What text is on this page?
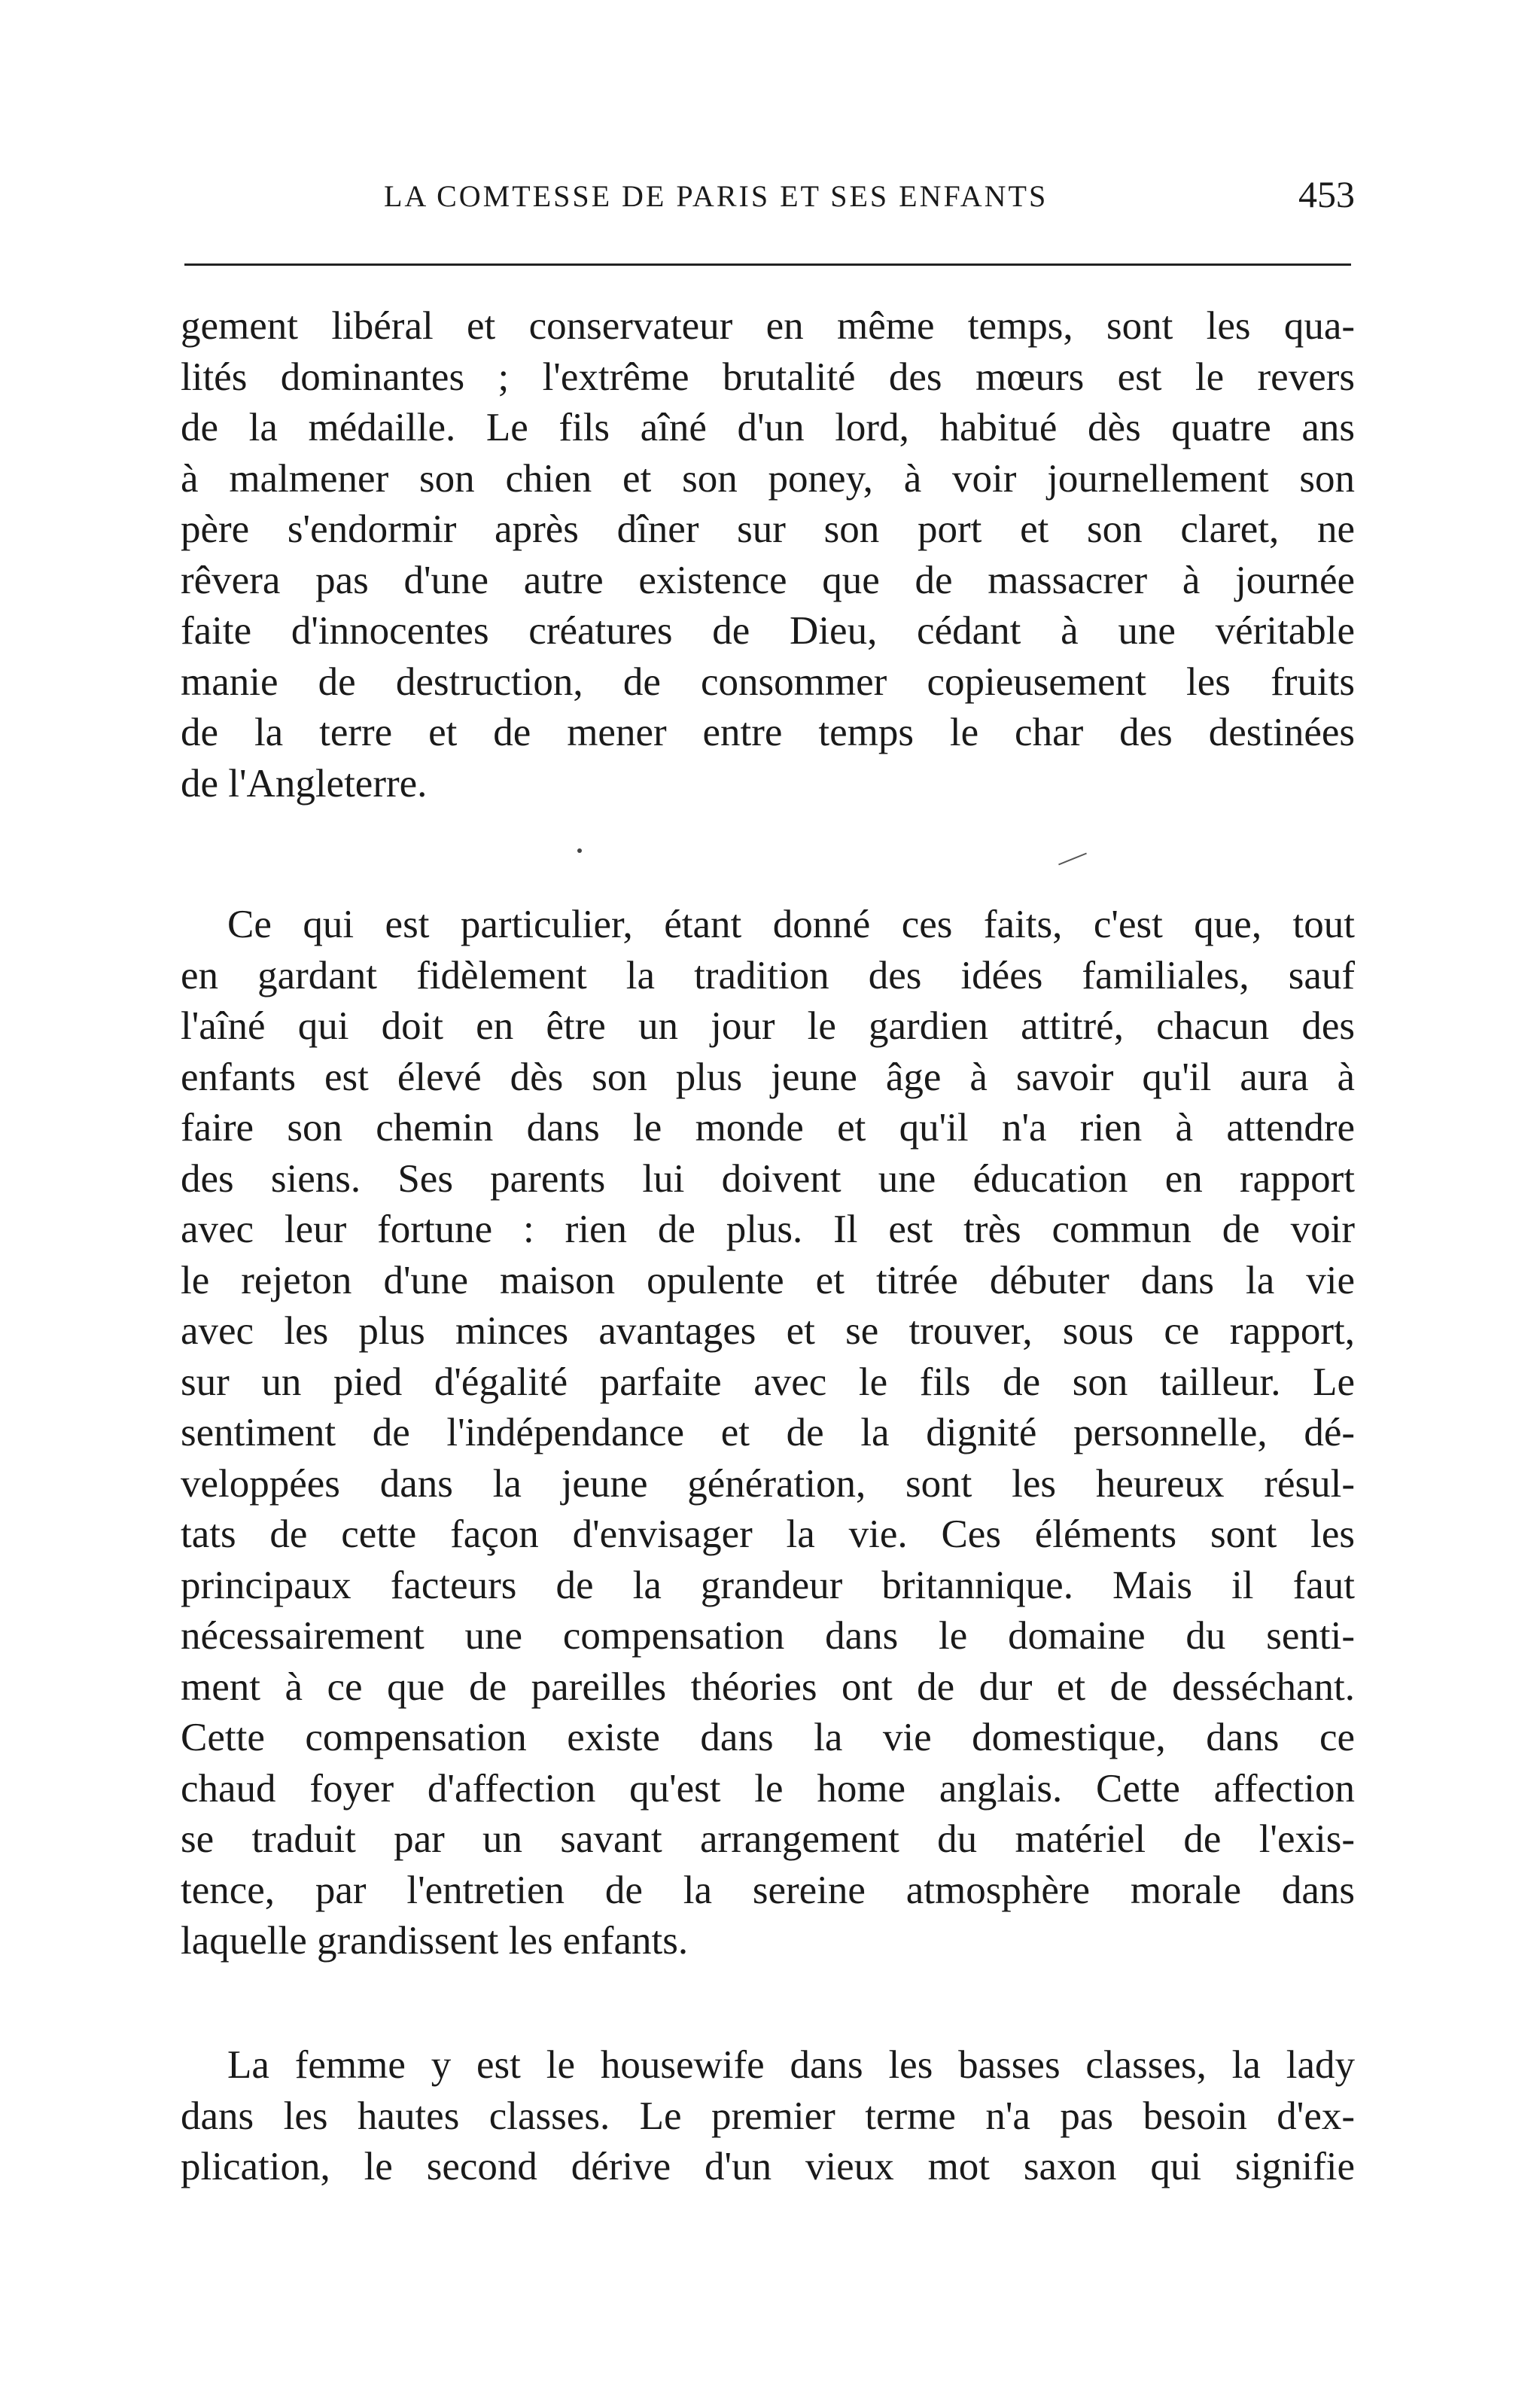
LA COMTESSE DE PARIS ET SES ENFANTS	453
gement libéral et conservateur en même temps, sont les qua-
lités dominantes ; l'extrême brutalité des mœurs est le revers
de la médaille. Le fils aîné d'un lord, habitué dès quatre ans
à malmener son chien et son poney, à voir journellement son
père s'endormir après dîner sur son port et son claret, ne
rêvera pas d'une autre existence que de massacrer à journée
faite d'innocentes créatures de Dieu, cédant à une véritable
manie de destruction, de consommer copieusement les fruits
de la terre et de mener entre temps le char des destinées
de l'Angleterre.
Ce qui est particulier, étant donné ces faits, c'est que, tout
en gardant fidèlement la tradition des idées familiales, sauf
l'aîné qui doit en être un jour le gardien attitré, chacun des
enfants est élevé dès son plus jeune âge à savoir qu'il aura à
faire son chemin dans le monde et qu'il n'a rien à attendre
des siens. Ses parents lui doivent une éducation en rapport
avec leur fortune : rien de plus. Il est très commun de voir
le rejeton d'une maison opulente et titrée débuter dans la vie
avec les plus minces avantages et se trouver, sous ce rapport,
sur un pied d'égalité parfaite avec le fils de son tailleur. Le
sentiment de l'indépendance et de la dignité personnelle, dé-
veloppées dans la jeune génération, sont les heureux résul-
tats de cette façon d'envisager la vie. Ces éléments sont les
principaux facteurs de la grandeur britannique. Mais il faut
nécessairement une compensation dans le domaine du senti-
ment à ce que de pareilles théories ont de dur et de desséchant.
Cette compensation existe dans la vie domestique, dans ce
chaud foyer d'affection qu'est le home anglais. Cette affection
se traduit par un savant arrangement du matériel de l'exis-
tence, par l'entretien de la sereine atmosphère morale dans
laquelle grandissent les enfants.
La femme y est le housewife dans les basses classes, la lady
dans les hautes classes. Le premier terme n'a pas besoin d'ex-
plication, le second dérive d'un vieux mot saxon qui signifie
